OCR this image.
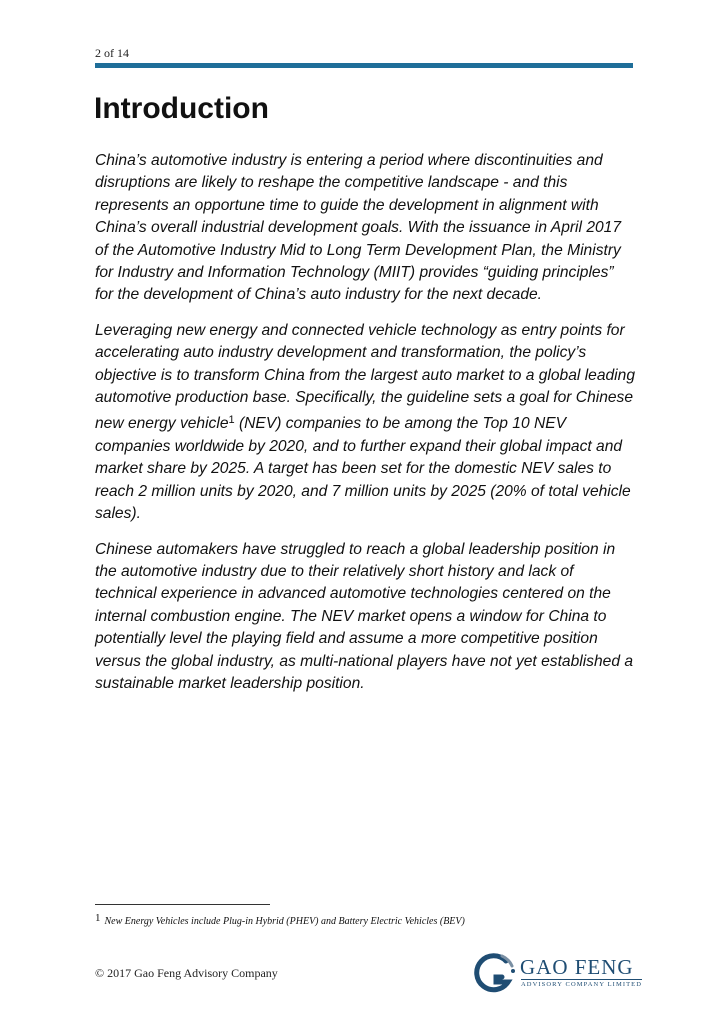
2 of 14
Introduction

China’s automotive industry is entering a period where discontinuities and disruptions are likely to reshape the competitive landscape - and this represents an opportune time to guide the development in alignment with China’s overall industrial development goals. With the issuance in April 2017 of the Automotive Industry Mid to Long Term Development Plan, the Ministry for Industry and Information Technology (MIIT) provides “guiding principles” for the development of China’s auto industry for the next decade.

Leveraging new energy and connected vehicle technology as entry points for accelerating auto industry development and transformation, the policy’s objective is to transform China from the largest auto market to a global leading automotive production base. Specifically, the guideline sets a goal for Chinese new energy vehicle$^1$ (NEV) companies to be among the Top 10 NEV companies worldwide by 2020, and to further expand their global impact and market share by 2025. A target has been set for the domestic NEV sales to reach 2 million units by 2020, and 7 million units by 2025 (20% of total vehicle sales).

Chinese automakers have struggled to reach a global leadership position in the automotive industry due to their relatively short history and lack of technical experience in advanced automotive technologies centered on the internal combustion engine. The NEV market opens a window for China to potentially level the playing field and assume a more competitive position versus the global industry, as multi-national players have not yet established a sustainable market leadership position.

1 New Energy Vehicles include Plug-in Hybrid (PHEV) and Battery Electric Vehicles (BEV)
© 2017 Gao Feng Advisory Company	GAO FENG
ADVISORY COMPANY LIMITED
